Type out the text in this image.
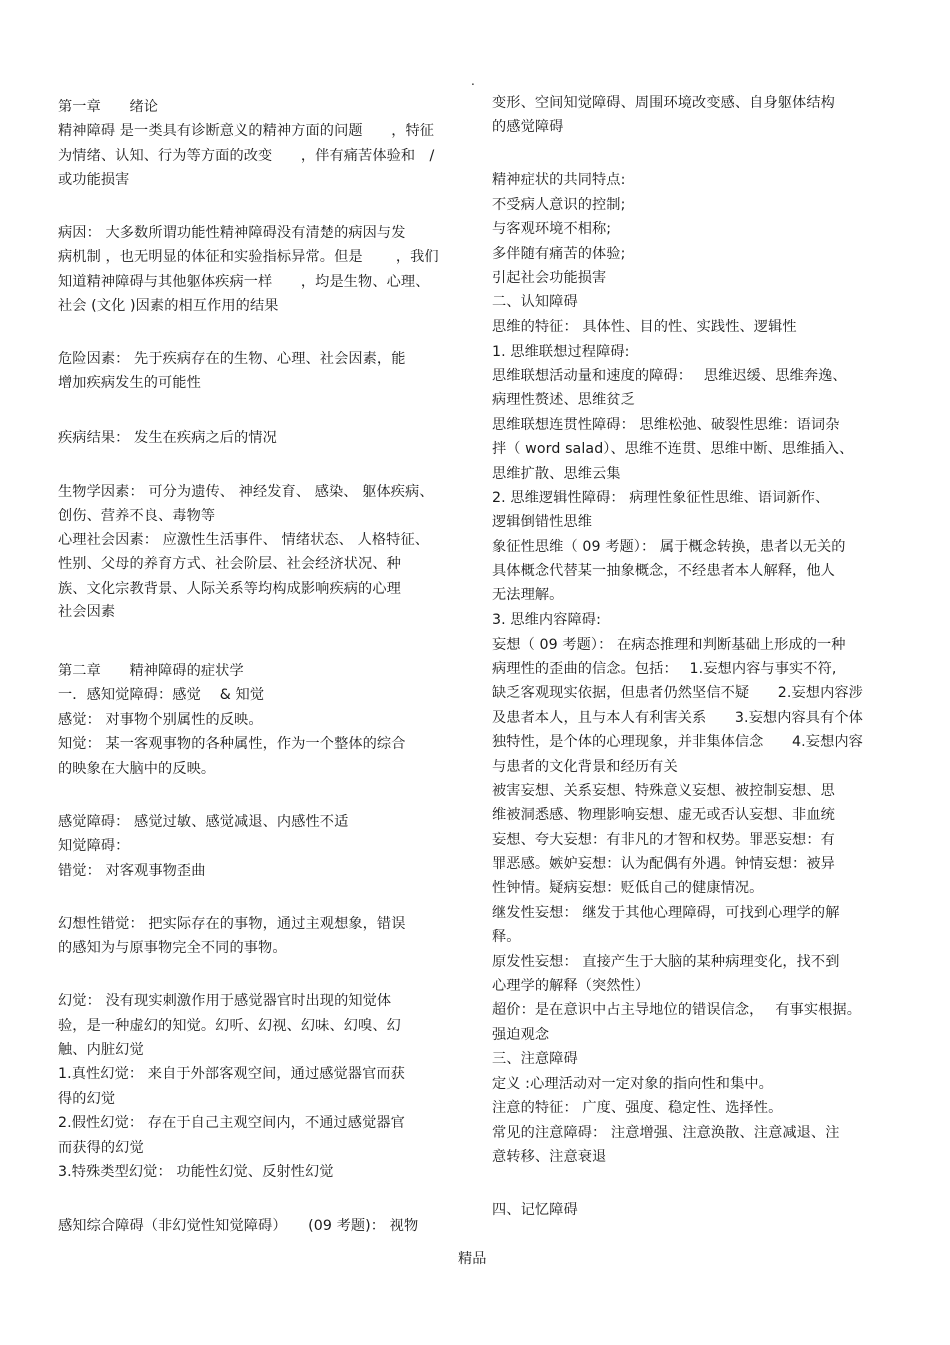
.
第一章　　绪论
精神障碍 是一类具有诊断意义的精神方面的问题　　，特征
为情绪、认知、行为等方面的改变　　，伴有痛苦体验和　/
或功能损害
病因： 大多数所谓功能性精神障碍没有清楚的病因与发
病机制 ，也无明显的体征和实验指标异常。但是　　 ，我们
知道精神障碍与其他躯体疾病一样　　，均是生物、心理、
社会 (文化 )因素的相互作用的结果
危险因素： 先于疾病存在的生物、心理、社会因素，能
增加疾病发生的可能性
疾病结果： 发生在疾病之后的情况
生物学因素： 可分为遗传、 神经发育、 感染、 躯体疾病、
创伤、营养不良、毒物等
心理社会因素： 应激性生活事件、 情绪状态、 人格特征、
性别、父母的养育方式、社会阶层、社会经济状况、种
族、文化宗教背景、人际关系等均构成影响疾病的心理
社会因素
第二章　　精神障碍的症状学
一．感知觉障碍：感觉　 & 知觉
感觉： 对事物个别属性的反映。
知觉： 某一客观事物的各种属性，作为一个整体的综合
的映象在大脑中的反映。
感觉障碍： 感觉过敏、感觉减退、内感性不适
知觉障碍：
错觉： 对客观事物歪曲
幻想性错觉： 把实际存在的事物，通过主观想象，错误
的感知为与原事物完全不同的事物。
幻觉： 没有现实刺激作用于感觉器官时出现的知觉体
验，是一种虚幻的知觉。幻听、幻视、幻味、幻嗅、幻
触、内脏幻觉
1.真性幻觉： 来自于外部客观空间，通过感觉器官而获
得的幻觉
2.假性幻觉： 存在于自己主观空间内，不通过感觉器官
而获得的幻觉
3.特殊类型幻觉： 功能性幻觉、反射性幻觉
感知综合障碍（非幻觉性知觉障碍）　　(09 考题)： 视物
变形、空间知觉障碍、周围环境改变感、自身躯体结构
的感觉障碍
精神症状的共同特点:
不受病人意识的控制;
与客观环境不相称;
多伴随有痛苦的体验;
引起社会功能损害
二、认知障碍
思维的特征： 具体性、目的性、实践性、逻辑性
1. 思维联想过程障碍:
思维联想活动量和速度的障碍：　 思维迟缓、思维奔逸、
病理性赘述、思维贫乏
思维联想连贯性障碍： 思维松弛、破裂性思维：语词杂
拌（ word salad）、思维不连贯、思维中断、思维插入、
思维扩散、思维云集
2. 思维逻辑性障碍： 病理性象征性思维、语词新作、
逻辑倒错性思维
象征性思维（ 09 考题）： 属于概念转换，患者以无关的
具体概念代替某一抽象概念，不经患者本人解释，他人
无法理解。
3. 思维内容障碍:
妄想（ 09 考题）： 在病态推理和判断基础上形成的一种
病理性的歪曲的信念。包括：　 1.妄想内容与事实不符,
缺乏客观现实依据，但患者仍然坚信不疑　　2.妄想内容涉
及患者本人，且与本人有利害关系　　3.妄想内容具有个体
独特性，是个体的心理现象，并非集体信念　　4.妄想内容
与患者的文化背景和经历有关
被害妄想、关系妄想、特殊意义妄想、被控制妄想、思
维被洞悉感、物理影响妄想、虚无或否认妄想、非血统
妄想、夸大妄想：有非凡的才智和权势。罪恶妄想：有
罪恶感。嫉妒妄想：认为配偶有外遇。钟情妄想：被异
性钟情。疑病妄想：贬低自己的健康情况。
继发性妄想： 继发于其他心理障碍，可找到心理学的解
释。
原发性妄想： 直接产生于大脑的某种病理变化，找不到
心理学的解释（突然性）
超价：是在意识中占主导地位的错误信念，　 有事实根据。
强迫观念
三、注意障碍
定义 :心理活动对一定对象的指向性和集中。
注意的特征： 广度、强度、稳定性、选择性。
常见的注意障碍： 注意增强、注意涣散、注意减退、注
意转移、注意衰退
四、记忆障碍
精品
